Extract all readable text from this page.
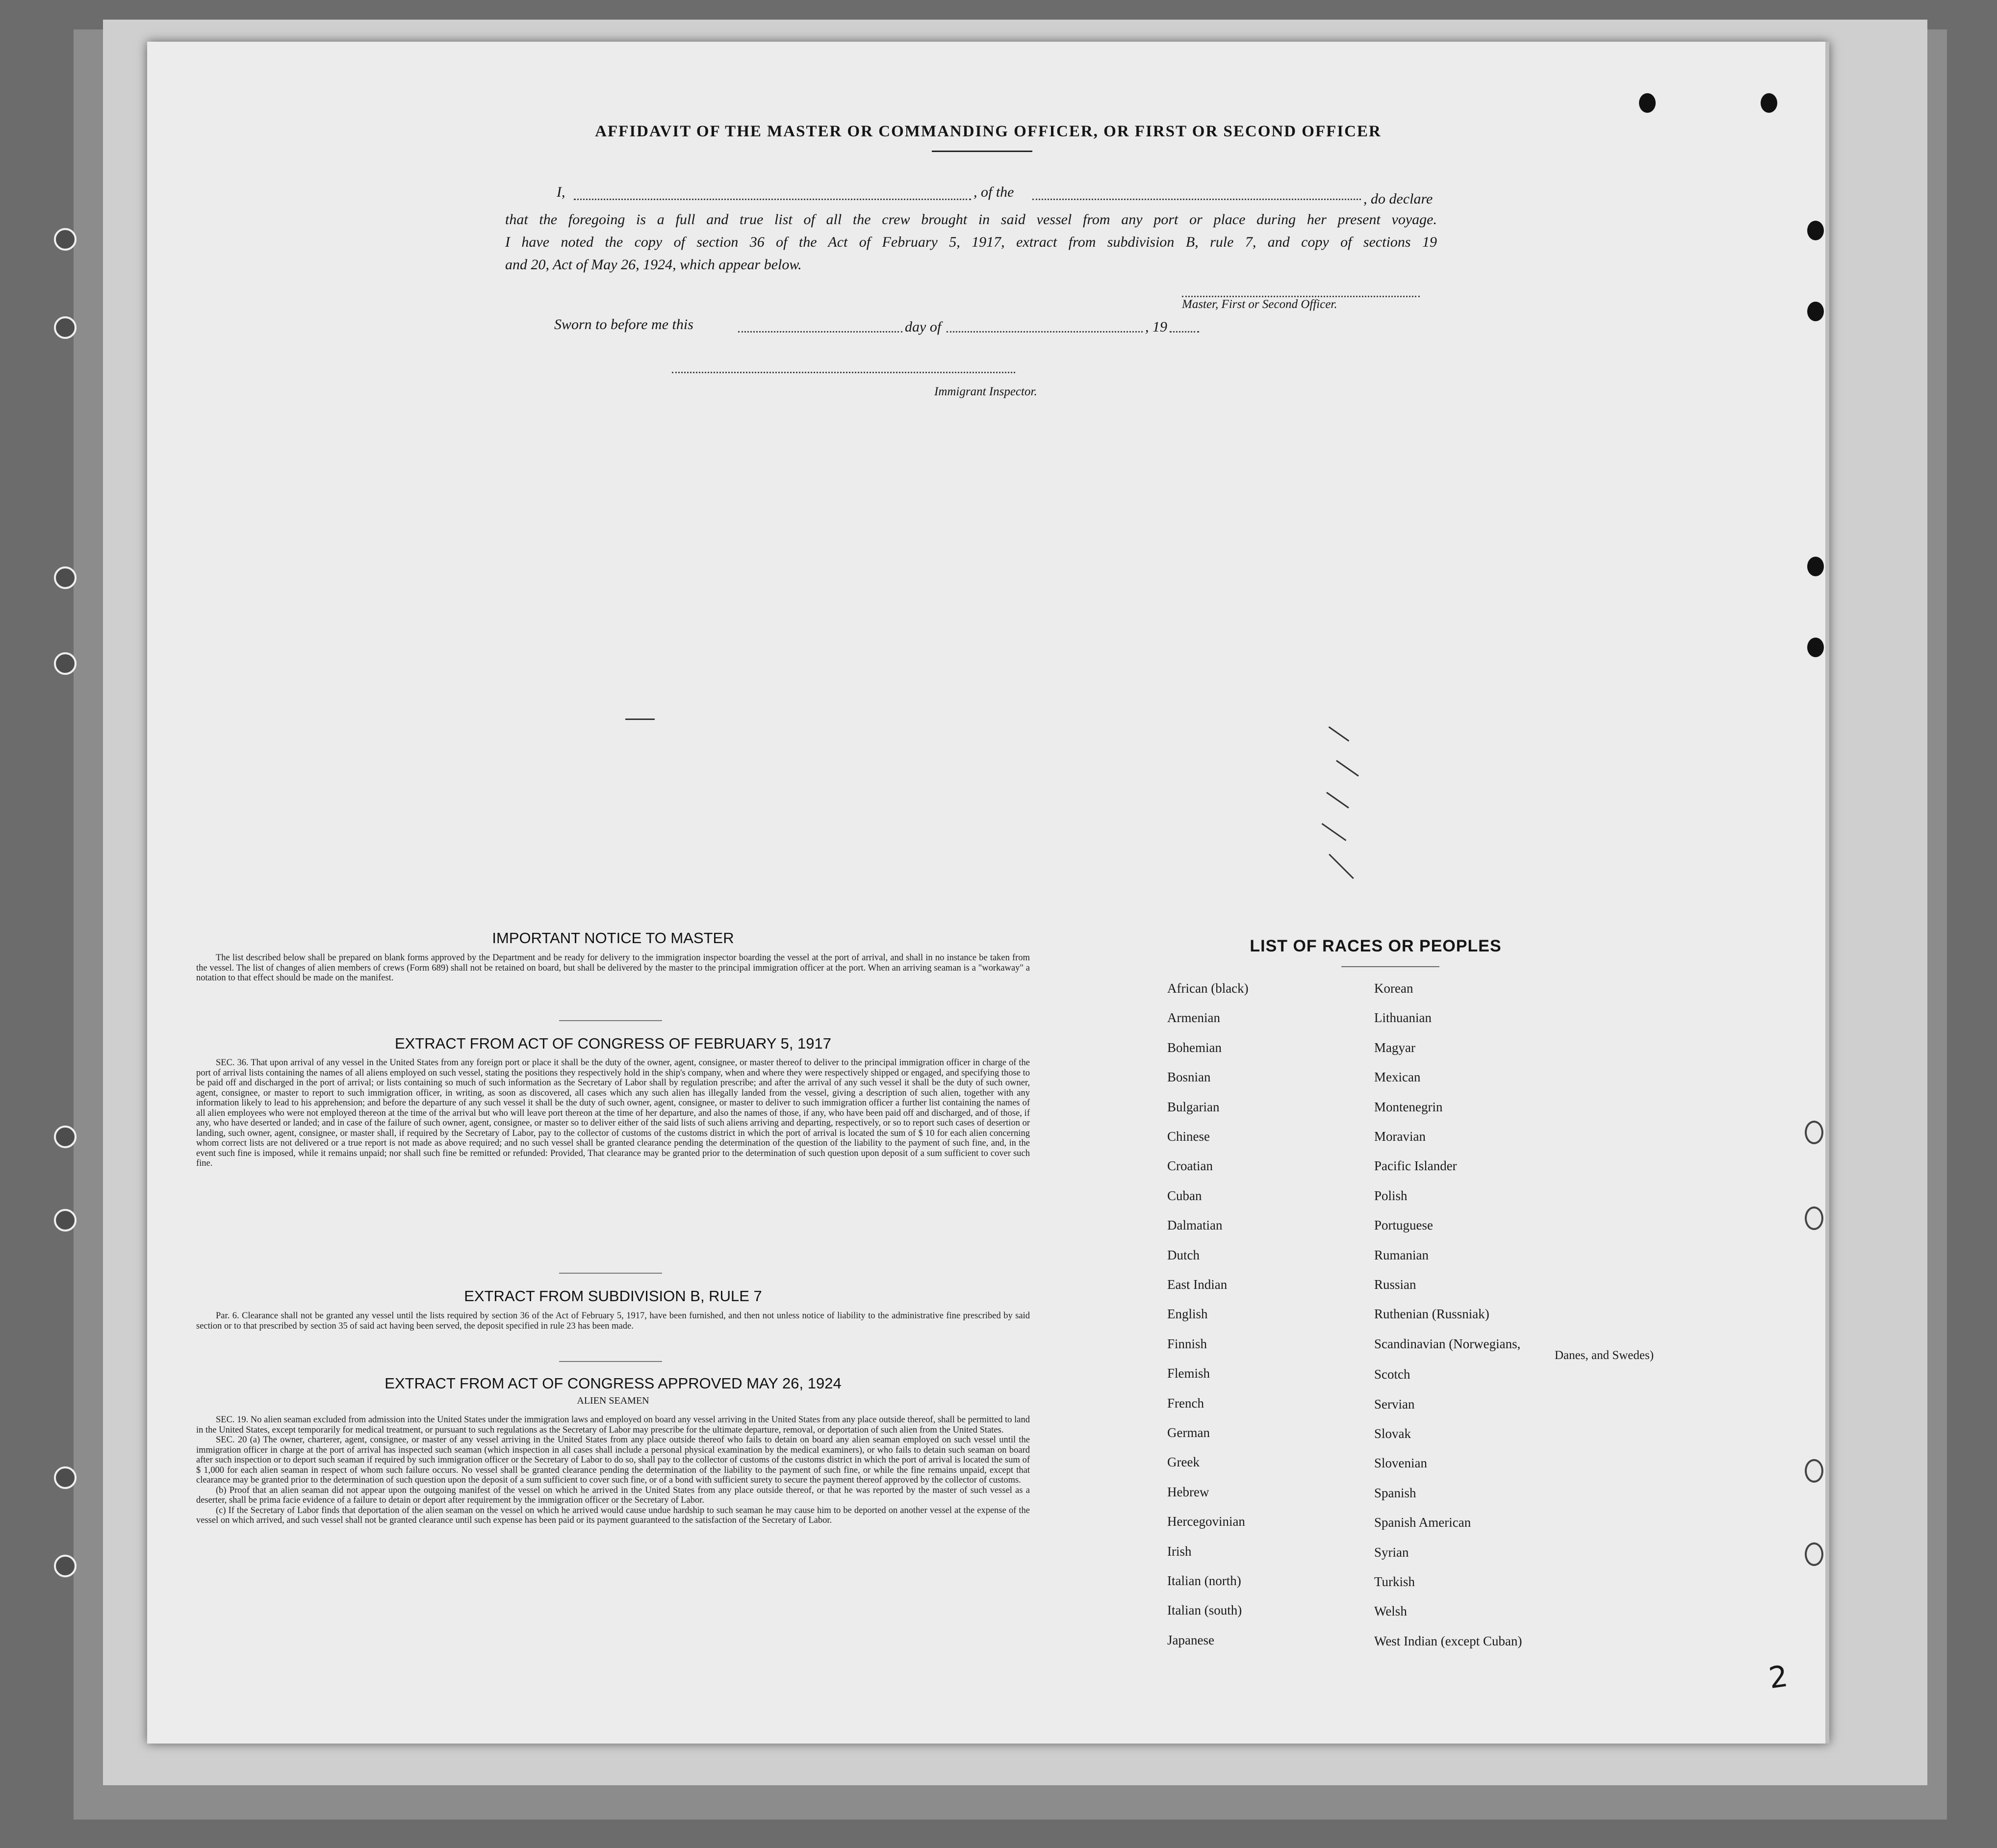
AFFIDAVIT OF THE MASTER OR COMMANDING OFFICER, OR FIRST OR SECOND OFFICER
I,	, of the	, do declare
that the foregoing is a full and true list of all the crew brought in said vessel from any port or place during her present voyage.
I have noted the copy of section 36 of the Act of February 5, 1917, extract from subdivision B, rule 7, and copy of sections 19
and 20, Act of May 26, 1924, which appear below.
Master, First or Second Officer.
Sworn to before me this	day of	, 19
Immigrant Inspector.
IMPORTANT NOTICE TO MASTER

The list described below shall be prepared on blank forms approved by the Department and be ready for delivery to the immigration inspector boarding the vessel at the port of arrival, and shall in no instance be taken from the vessel. The list of changes of alien members of crews (Form 689) shall not be retained on board, but shall be delivered by the master to the principal immigration officer at the port. When an arriving seaman is a "workaway" a notation to that effect should be made on the manifest.

EXTRACT FROM ACT OF CONGRESS OF FEBRUARY 5, 1917

SEC. 36. That upon arrival of any vessel in the United States from any foreign port or place it shall be the duty of the owner, agent, consignee, or master thereof to deliver to the principal immigration officer in charge of the port of arrival lists containing the names of all aliens employed on such vessel, stating the positions they respectively hold in the ship's company, when and where they were respectively shipped or engaged, and specifying those to be paid off and discharged in the port of arrival; or lists containing so much of such information as the Secretary of Labor shall by regulation prescribe; and after the arrival of any such vessel it shall be the duty of such owner, agent, consignee, or master to report to such immigration officer, in writing, as soon as discovered, all cases which any such alien has illegally landed from the vessel, giving a description of such alien, together with any information likely to lead to his apprehension; and before the departure of any such vessel it shall be the duty of such owner, agent, consignee, or master to deliver to such immigration officer a further list containing the names of all alien employees who were not employed thereon at the time of the arrival but who will leave port thereon at the time of her departure, and also the names of those, if any, who have been paid off and discharged, and of those, if any, who have deserted or landed; and in case of the failure of such owner, agent, consignee, or master so to deliver either of the said lists of such aliens arriving and departing, respectively, or so to report such cases of desertion or landing, such owner, agent, consignee, or master shall, if required by the Secretary of Labor, pay to the collector of customs of the customs district in which the port of arrival is located the sum of $ 10 for each alien concerning whom correct lists are not delivered or a true report is not made as above required; and no such vessel shall be granted clearance pending the determination of the question of the liability to the payment of such fine, and, in the event such fine is imposed, while it remains unpaid; nor shall such fine be remitted or refunded: Provided, That clearance may be granted prior to the determination of such question upon deposit of a sum sufficient to cover such fine.

EXTRACT FROM SUBDIVISION B, RULE 7

Par. 6. Clearance shall not be granted any vessel until the lists required by section 36 of the Act of February 5, 1917, have been furnished, and then not unless notice of liability to the administrative fine prescribed by said section or to that prescribed by section 35 of said act having been served, the deposit specified in rule 23 has been made.

EXTRACT FROM ACT OF CONGRESS APPROVED MAY 26, 1924
ALIEN SEAMEN

SEC. 19. No alien seaman excluded from admission into the United States under the immigration laws and employed on board any vessel arriving in the United States from any place outside thereof, shall be permitted to land in the United States, except temporarily for medical treatment, or pursuant to such regulations as the Secretary of Labor may prescribe for the ultimate departure, removal, or deportation of such alien from the United States.

SEC. 20 (a) The owner, charterer, agent, consignee, or master of any vessel arriving in the United States from any place outside thereof who fails to detain on board any alien seaman employed on such vessel until the immigration officer in charge at the port of arrival has inspected such seaman (which inspection in all cases shall include a personal physical examination by the medical examiners), or who fails to detain such seaman on board after such inspection or to deport such seaman if required by such immigration officer or the Secretary of Labor to do so, shall pay to the collector of customs of the customs district in which the port of arrival is located the sum of $ 1,000 for each alien seaman in respect of whom such failure occurs. No vessel shall be granted clearance pending the determination of the liability to the payment of such fine, or while the fine remains unpaid, except that clearance may be granted prior to the determination of such question upon the deposit of a sum sufficient to cover such fine, or of a bond with sufficient surety to secure the payment thereof approved by the collector of customs.

(b) Proof that an alien seaman did not appear upon the outgoing manifest of the vessel on which he arrived in the United States from any place outside thereof, or that he was reported by the master of such vessel as a deserter, shall be prima facie evidence of a failure to detain or deport after requirement by the immigration officer or the Secretary of Labor.

(c) If the Secretary of Labor finds that deportation of the alien seaman on the vessel on which he arrived would cause undue hardship to such seaman he may cause him to be deported on another vessel at the expense of the vessel on which arrived, and such vessel shall not be granted clearance until such expense has been paid or its payment guaranteed to the satisfaction of the Secretary of Labor.

LIST OF RACES OR PEOPLES
Danes, and Swedes)
2
African (black)
Armenian
Bohemian
Bosnian
Bulgarian
Chinese
Croatian
Cuban
Dalmatian
Dutch
East Indian
English
Finnish
Flemish
French
German
Greek
Hebrew
Hercegovinian
Irish
Italian (north)
Italian (south)
Japanese
Korean
Lithuanian
Magyar
Mexican
Montenegrin
Moravian
Pacific Islander
Polish
Portuguese
Rumanian
Russian
Ruthenian (Russniak)
Scandinavian (Norwegians,
Scotch
Servian
Slovak
Slovenian
Spanish
Spanish American
Syrian
Turkish
Welsh
West Indian (except Cuban)
